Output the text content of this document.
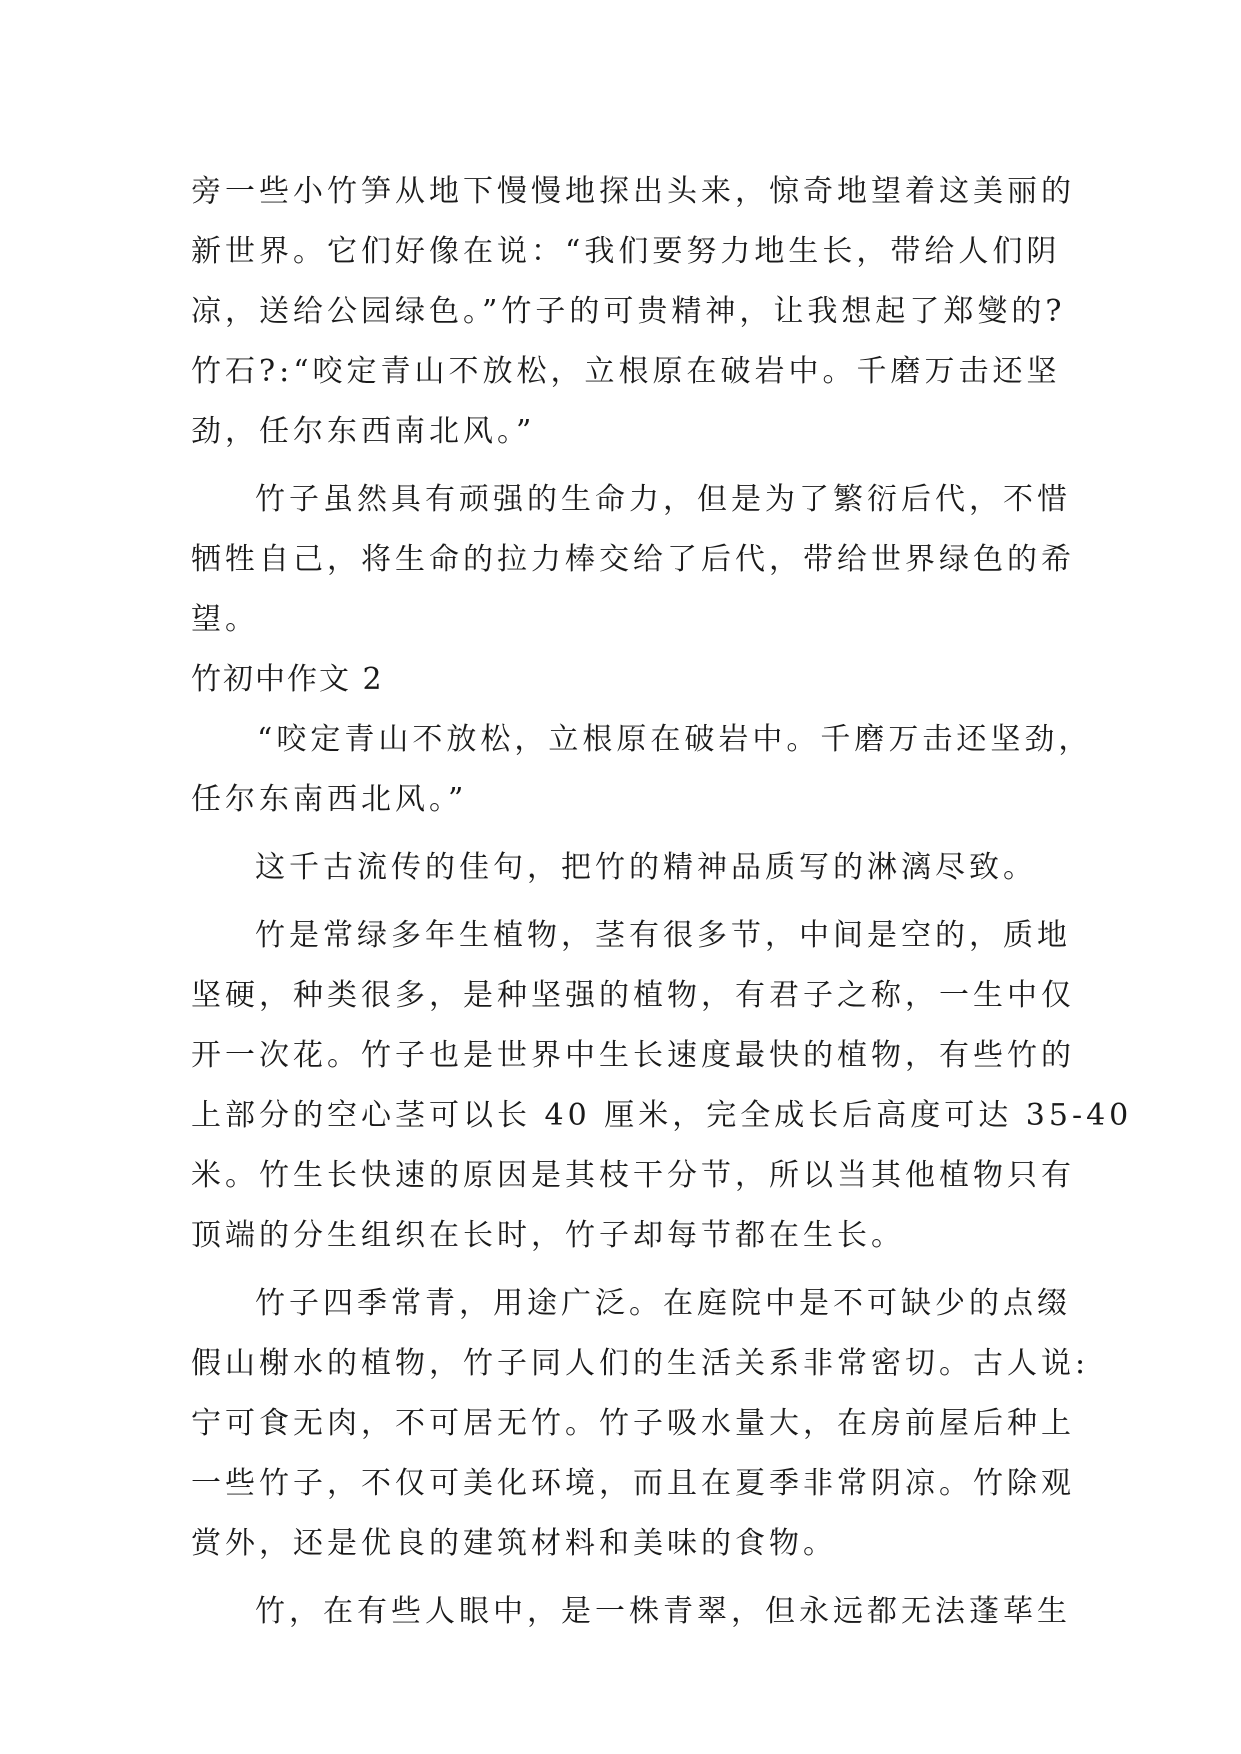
旁一些小竹笋从地下慢慢地探出头来，惊奇地望着这美丽的
新世界。它们好像在说：“我们要努力地生长，带给人们阴
凉，送给公园绿色。”竹子的可贵精神，让我想起了郑燮的?
竹石?:“咬定青山不放松，立根原在破岩中。千磨万击还坚
劲，任尔东西南北风。”
竹子虽然具有顽强的生命力，但是为了繁衍后代，不惜
牺牲自己，将生命的拉力棒交给了后代，带给世界绿色的希
望。
竹初中作文 2
“咬定青山不放松，立根原在破岩中。千磨万击还坚劲，
任尔东南西北风。”
这千古流传的佳句，把竹的精神品质写的淋漓尽致。
竹是常绿多年生植物，茎有很多节，中间是空的，质地
坚硬，种类很多，是种坚强的植物，有君子之称，一生中仅
开一次花。竹子也是世界中生长速度最快的植物，有些竹的
上部分的空心茎可以长 40 厘米，完全成长后高度可达 35-40
米。竹生长快速的原因是其枝干分节，所以当其他植物只有
顶端的分生组织在长时，竹子却每节都在生长。
竹子四季常青，用途广泛。在庭院中是不可缺少的点缀
假山榭水的植物，竹子同人们的生活关系非常密切。古人说:
宁可食无肉，不可居无竹。竹子吸水量大，在房前屋后种上
一些竹子，不仅可美化环境，而且在夏季非常阴凉。竹除观
赏外，还是优良的建筑材料和美味的食物。
竹，在有些人眼中，是一株青翠，但永远都无法蓬荜生
